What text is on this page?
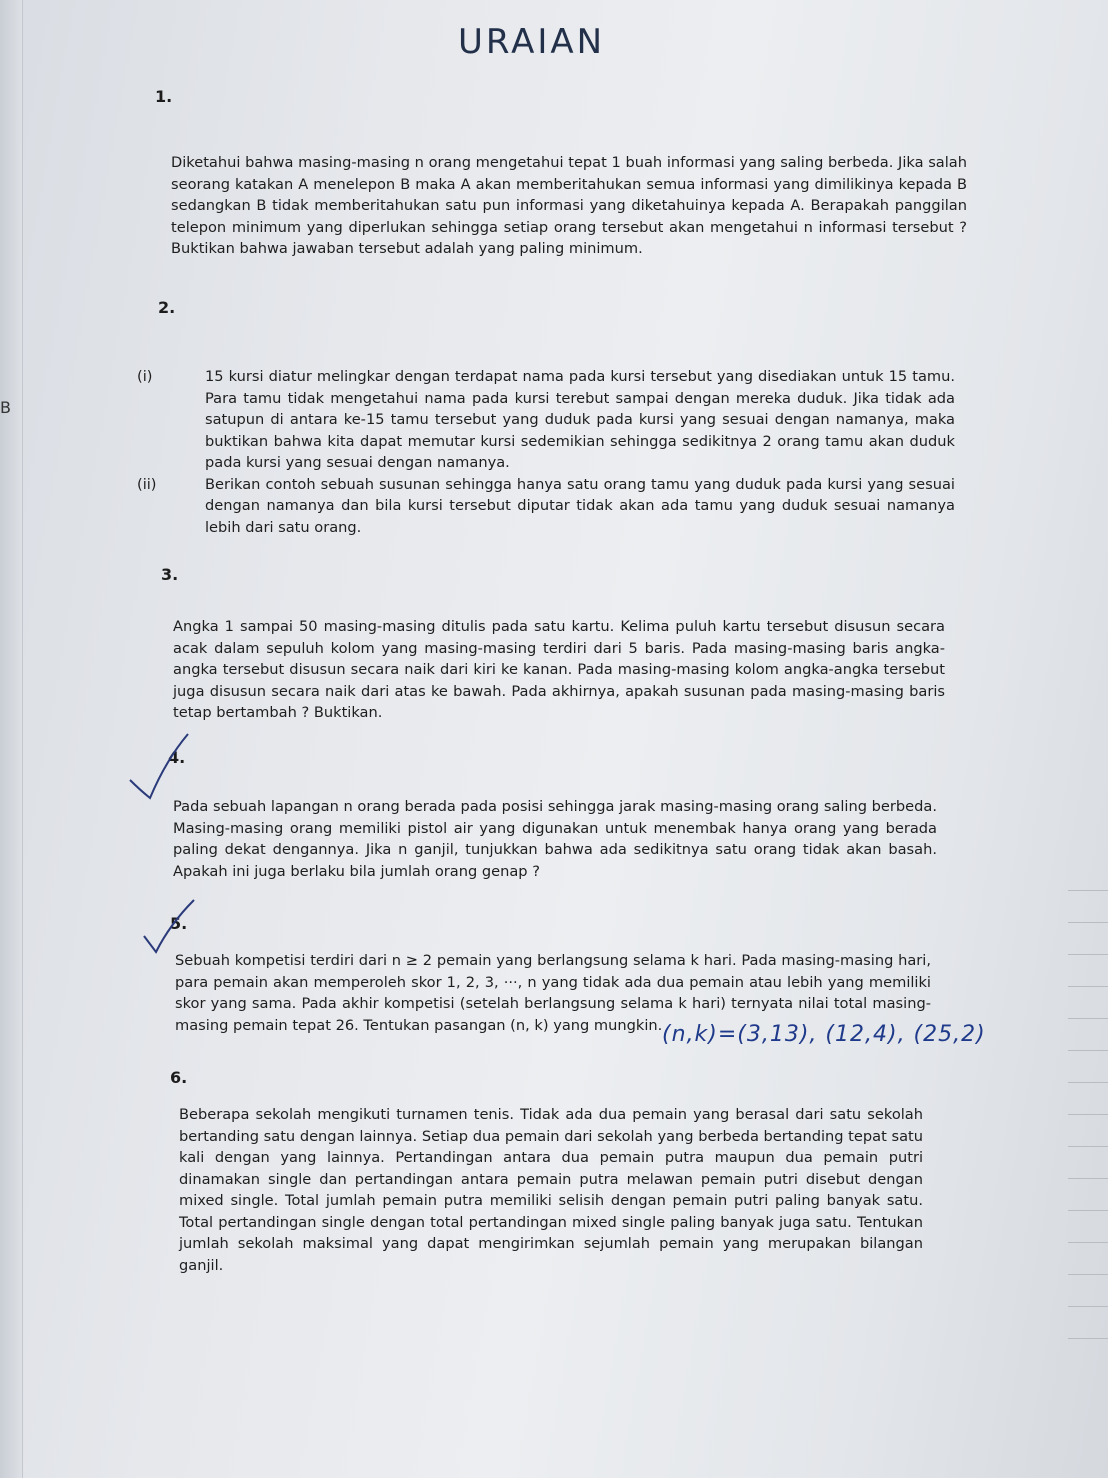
B
URAIAN
1.
Diketahui bahwa masing-masing n orang mengetahui tepat 1 buah informasi yang saling berbeda. Jika salah seorang katakan A menelepon B maka A akan memberitahukan semua informasi yang dimilikinya kepada B sedangkan B tidak memberitahukan satu pun informasi yang diketahuinya kepada A. Berapakah panggilan telepon minimum yang diperlukan sehingga setiap orang tersebut akan mengetahui n informasi tersebut ? Buktikan bahwa jawaban tersebut adalah yang paling minimum.
2.
(i)	15 kursi diatur melingkar dengan terdapat nama pada kursi tersebut yang disediakan untuk 15 tamu. Para tamu tidak mengetahui nama pada kursi terebut sampai dengan mereka duduk. Jika tidak ada satupun di antara ke-15 tamu tersebut yang duduk pada kursi yang sesuai dengan namanya, maka buktikan bahwa kita dapat memutar kursi sedemikian sehingga sedikitnya 2 orang tamu akan duduk pada kursi yang sesuai dengan namanya.
(ii)	Berikan contoh sebuah susunan sehingga hanya satu orang tamu yang duduk pada kursi yang sesuai dengan namanya dan bila kursi tersebut diputar tidak akan ada tamu yang duduk sesuai namanya lebih dari satu orang.
3.
Angka 1 sampai 50 masing-masing ditulis pada satu kartu. Kelima puluh kartu tersebut disusun secara acak dalam sepuluh kolom yang masing-masing terdiri dari 5 baris. Pada masing-masing baris angka-angka tersebut disusun secara naik dari kiri ke kanan. Pada masing-masing kolom angka-angka tersebut juga disusun secara naik dari atas ke bawah. Pada akhirnya, apakah susunan pada masing-masing baris tetap bertambah ? Buktikan.
4.
Pada sebuah lapangan n orang berada pada posisi sehingga jarak masing-masing orang saling berbeda. Masing-masing orang memiliki pistol air yang digunakan untuk menembak hanya orang yang berada paling dekat dengannya. Jika n ganjil, tunjukkan bahwa ada sedikitnya satu orang tidak akan basah. Apakah ini juga berlaku bila jumlah orang genap ?
5.
Sebuah kompetisi terdiri dari n ≥ 2 pemain yang berlangsung selama k hari. Pada masing-masing hari, para pemain akan memperoleh skor 1, 2, 3, ···, n yang tidak ada dua pemain atau lebih yang memiliki skor yang sama. Pada akhir kompetisi (setelah berlangsung selama k hari) ternyata nilai total masing-masing pemain tepat 26. Tentukan pasangan (n, k) yang mungkin. (n,k)=(3,13), (12,4), (25,2)
6.
Beberapa sekolah mengikuti turnamen tenis. Tidak ada dua pemain yang berasal dari satu sekolah bertanding satu dengan lainnya. Setiap dua pemain dari sekolah yang berbeda bertanding tepat satu kali dengan yang lainnya. Pertandingan antara dua pemain putra maupun dua pemain putri dinamakan single dan pertandingan antara pemain putra melawan pemain putri disebut dengan mixed single. Total jumlah pemain putra memiliki selisih dengan pemain putri paling banyak satu. Total pertandingan single dengan total pertandingan mixed single paling banyak juga satu. Tentukan jumlah sekolah maksimal yang dapat mengirimkan sejumlah pemain yang merupakan bilangan ganjil.
